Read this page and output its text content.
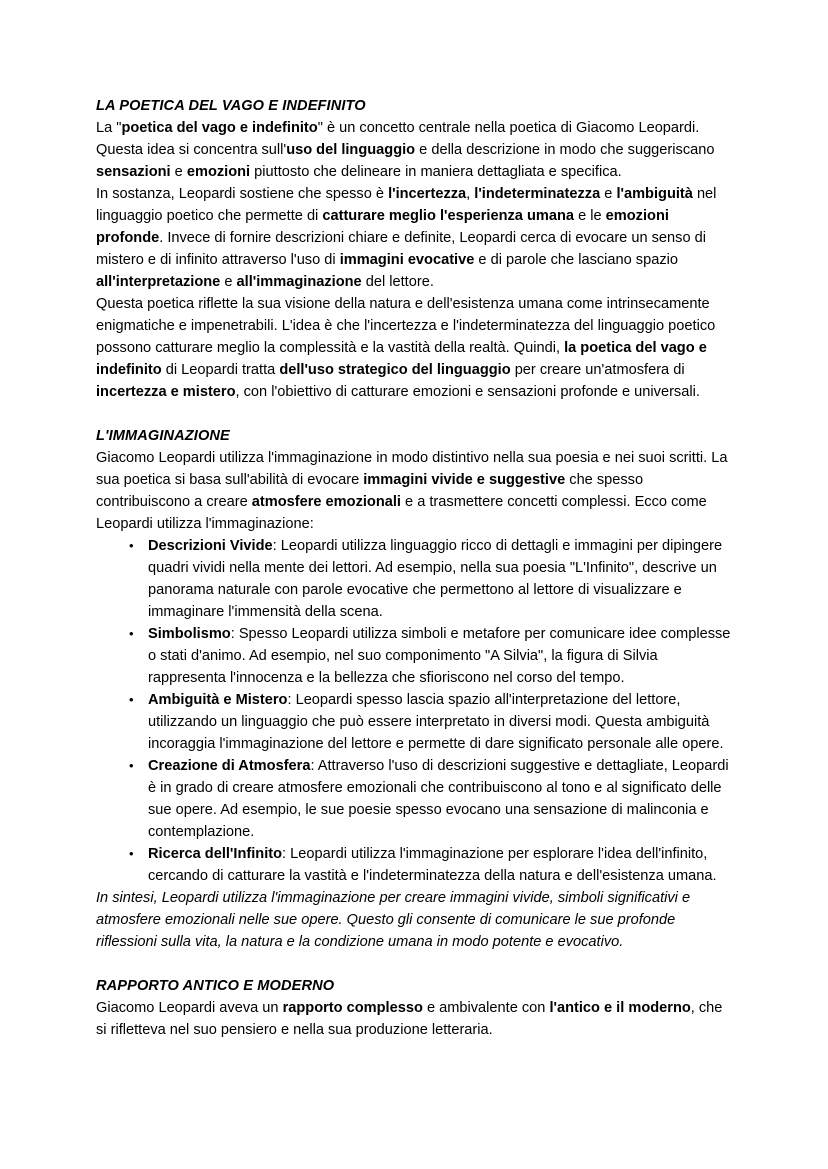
LA POETICA DEL VAGO E INDEFINITO

La "poetica del vago e indefinito" è un concetto centrale nella poetica di Giacomo Leopardi. Questa idea si concentra sull'uso del linguaggio e della descrizione in modo che suggeriscano sensazioni e emozioni piuttosto che delineare in maniera dettagliata e specifica.

In sostanza, Leopardi sostiene che spesso è l'incertezza, l'indeterminatezza e l'ambiguità nel linguaggio poetico che permette di catturare meglio l'esperienza umana e le emozioni profonde. Invece di fornire descrizioni chiare e definite, Leopardi cerca di evocare un senso di mistero e di infinito attraverso l'uso di immagini evocative e di parole che lasciano spazio all'interpretazione e all'immaginazione del lettore.

Questa poetica riflette la sua visione della natura e dell'esistenza umana come intrinsecamente enigmatiche e impenetrabili. L'idea è che l'incertezza e l'indeterminatezza del linguaggio poetico possono catturare meglio la complessità e la vastità della realtà. Quindi, la poetica del vago e indefinito di Leopardi tratta dell'uso strategico del linguaggio per creare un'atmosfera di incertezza e mistero, con l'obiettivo di catturare emozioni e sensazioni profonde e universali.

L'IMMAGINAZIONE

Giacomo Leopardi utilizza l'immaginazione in modo distintivo nella sua poesia e nei suoi scritti. La sua poetica si basa sull'abilità di evocare immagini vivide e suggestive che spesso contribuiscono a creare atmosfere emozionali e a trasmettere concetti complessi. Ecco come Leopardi utilizza l'immaginazione:

• Descrizioni Vivide: Leopardi utilizza linguaggio ricco di dettagli e immagini per dipingere quadri vividi nella mente dei lettori. Ad esempio, nella sua poesia "L'Infinito", descrive un panorama naturale con parole evocative che permettono al lettore di visualizzare e immaginare l'immensità della scena.
• Simbolismo: Spesso Leopardi utilizza simboli e metafore per comunicare idee complesse o stati d'animo. Ad esempio, nel suo componimento "A Silvia", la figura di Silvia rappresenta l'innocenza e la bellezza che sfioriscono nel corso del tempo.
• Ambiguità e Mistero: Leopardi spesso lascia spazio all'interpretazione del lettore, utilizzando un linguaggio che può essere interpretato in diversi modi. Questa ambiguità incoraggia l'immaginazione del lettore e permette di dare significato personale alle opere.
• Creazione di Atmosfera: Attraverso l'uso di descrizioni suggestive e dettagliate, Leopardi è in grado di creare atmosfere emozionali che contribuiscono al tono e al significato delle sue opere. Ad esempio, le sue poesie spesso evocano una sensazione di malinconia e contemplazione.
• Ricerca dell'Infinito: Leopardi utilizza l'immaginazione per esplorare l'idea dell'infinito, cercando di catturare la vastità e l'indeterminatezza della natura e dell'esistenza umana.

In sintesi, Leopardi utilizza l'immaginazione per creare immagini vivide, simboli significativi e atmosfere emozionali nelle sue opere. Questo gli consente di comunicare le sue profonde riflessioni sulla vita, la natura e la condizione umana in modo potente e evocativo.

RAPPORTO ANTICO E MODERNO

Giacomo Leopardi aveva un rapporto complesso e ambivalente con l'antico e il moderno, che si rifletteva nel suo pensiero e nella sua produzione letteraria.
